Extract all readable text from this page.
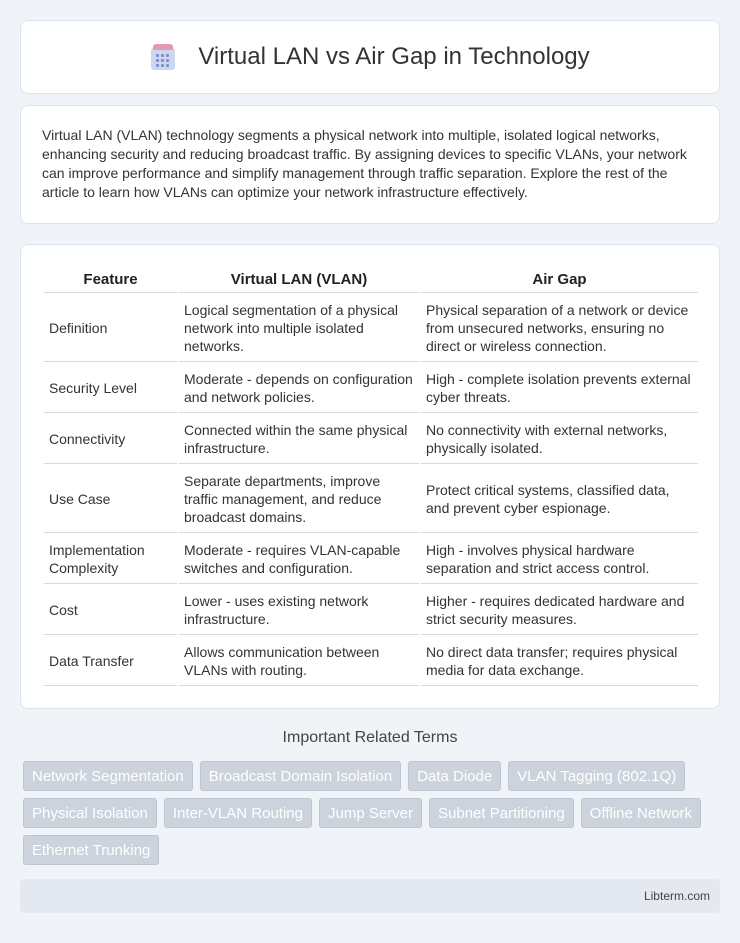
Virtual LAN vs Air Gap in Technology

Virtual LAN (VLAN) technology segments a physical network into multiple, isolated logical networks, enhancing security and reducing broadcast traffic. By assigning devices to specific VLANs, your network can improve performance and simplify management through traffic separation. Explore the rest of the article to learn how VLANs can optimize your network infrastructure effectively.

Feature	Virtual LAN (VLAN)	Air Gap
Definition	Logical segmentation of a physical network into multiple isolated networks.	Physical separation of a network or device from unsecured networks, ensuring no direct or wireless connection.
Security Level	Moderate - depends on configuration and network policies.	High - complete isolation prevents external cyber threats.
Connectivity	Connected within the same physical infrastructure.	No connectivity with external networks, physically isolated.
Use Case	Separate departments, improve traffic management, and reduce broadcast domains.	Protect critical systems, classified data, and prevent cyber espionage.
Implementation Complexity	Moderate - requires VLAN-capable switches and configuration.	High - involves physical hardware separation and strict access control.
Cost	Lower - uses existing network infrastructure.	Higher - requires dedicated hardware and strict security measures.
Data Transfer	Allows communication between VLANs with routing.	No direct data transfer; requires physical media for data exchange.
Important Related Terms
Network Segmentation	Broadcast Domain Isolation	Data Diode	VLAN Tagging (802.1Q)
Physical Isolation	Inter-VLAN Routing	Jump Server	Subnet Partitioning	Offline Network
Ethernet Trunking
Libterm.com
